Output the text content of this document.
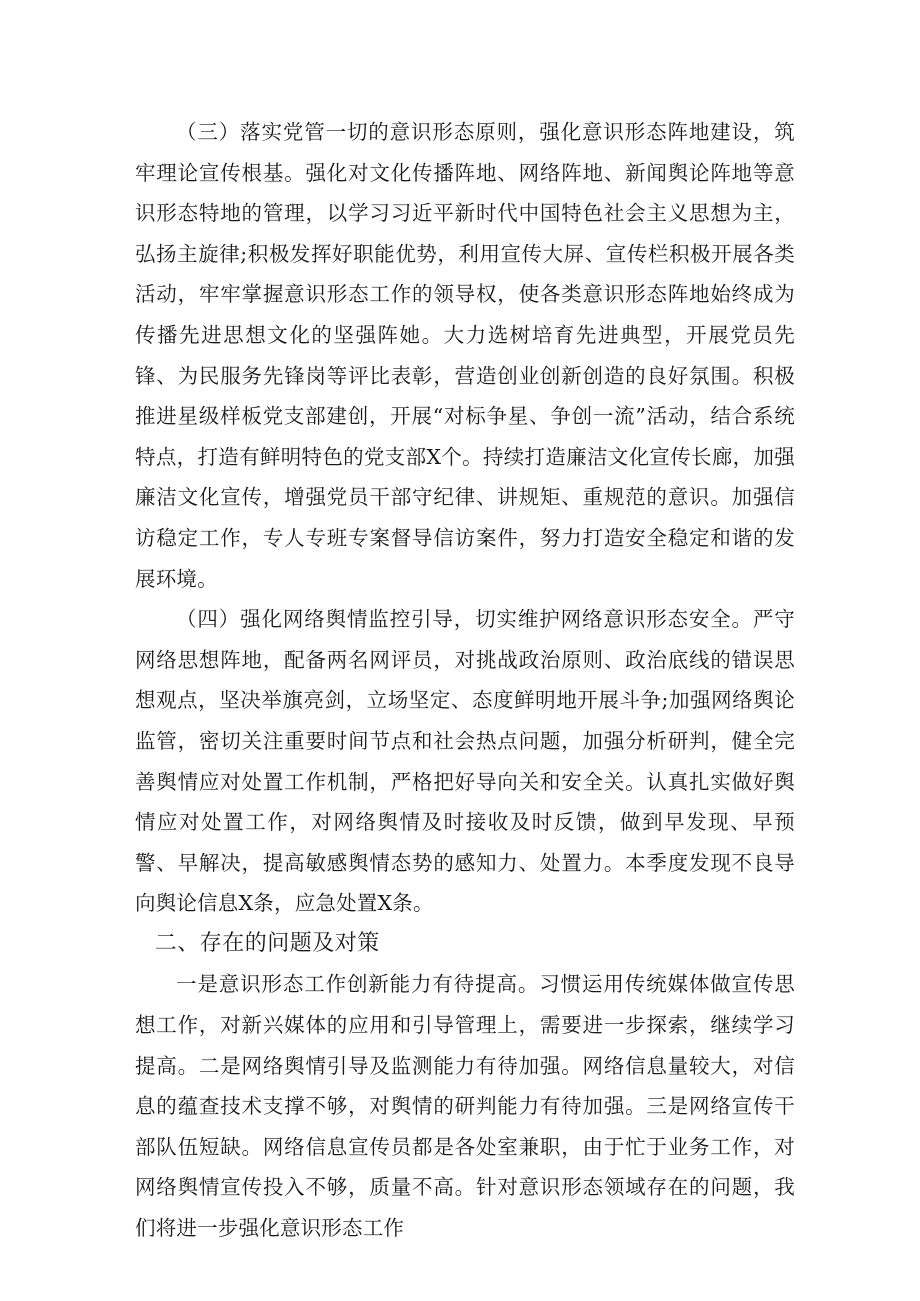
（三）落实党管一切的意识形态原则，强化意识形态阵地建设，筑牢理论宣传根基。强化对文化传播阵地、网络阵地、新闻舆论阵地等意识形态特地的管理，以学习习近平新时代中国特色社会主义思想为主，弘扬主旋律;积极发挥好职能优势，利用宣传大屏、宣传栏积极开展各类活动，牢牢掌握意识形态工作的领导权，使各类意识形态阵地始终成为传播先进思想文化的坚强阵她。大力选树培育先进典型，开展党员先锋、为民服务先锋岗等评比表彰，营造创业创新创造的良好氛围。积极推进星级样板党支部建创，开展“对标争星、争创一流”活动，结合系统特点，打造有鲜明特色的党支部X个。持续打造廉洁文化宣传长廊，加强廉洁文化宣传，增强党员干部守纪律、讲规矩、重规范的意识。加强信访稳定工作，专人专班专案督导信访案件，努力打造安全稳定和谐的发展环境。

（四）强化网络舆情监控引导，切实维护网络意识形态安全。严守网络思想阵地，配备两名网评员，对挑战政治原则、政治底线的错误思想观点，坚决举旗亮剑，立场坚定、态度鲜明地开展斗争;加强网络舆论监管，密切关注重要时间节点和社会热点问题，加强分析研判，健全完善舆情应对处置工作机制，严格把好导向关和安全关。认真扎实做好舆情应对处置工作，对网络舆情及时接收及时反馈，做到早发现、早预警、早解决，提高敏感舆情态势的感知力、处置力。本季度发现不良导向舆论信息X条，应急处置X条。

二、存在的问题及对策

一是意识形态工作创新能力有待提高。习惯运用传统媒体做宣传思想工作，对新兴媒体的应用和引导管理上，需要进一步探索，继续学习提高。二是网络舆情引导及监测能力有待加强。网络信息量较大，对信息的蕴查技术支撑不够，对舆情的研判能力有待加强。三是网络宣传干部队伍短缺。网络信息宣传员都是各处室兼职，由于忙于业务工作，对网络舆情宣传投入不够，质量不高。针对意识形态领域存在的问题，我们将进一步强化意识形态工作
